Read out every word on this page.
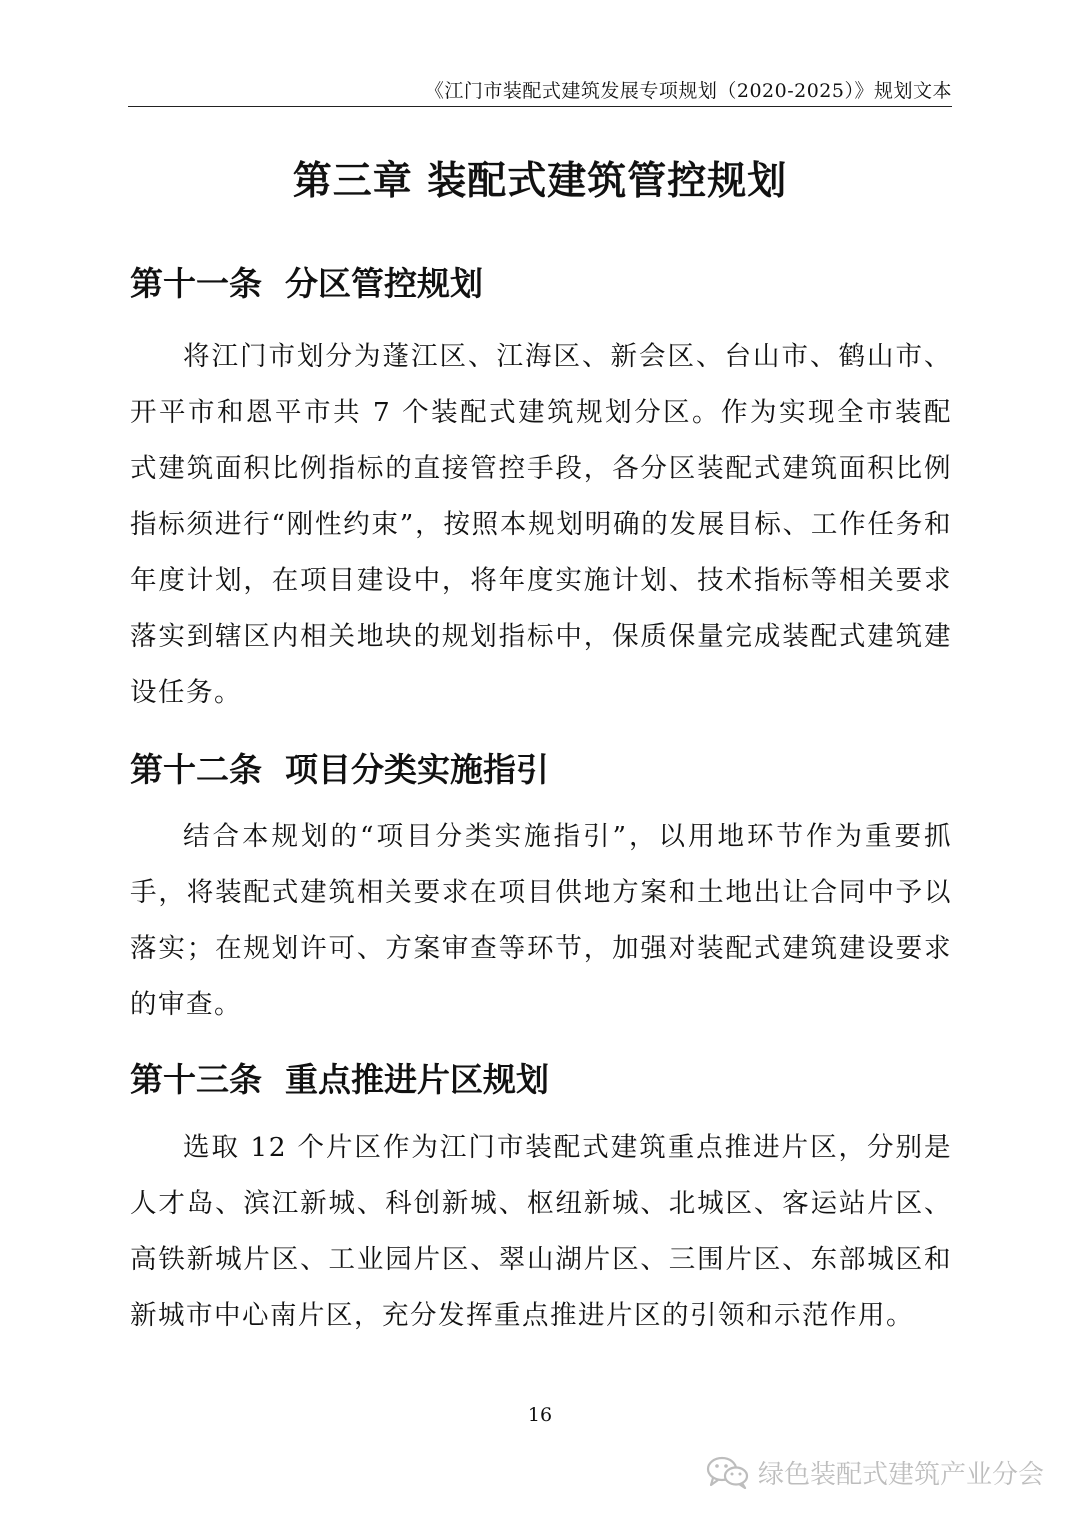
《江门市装配式建筑发展专项规划（2020-2025）》规划文本
第三章 装配式建筑管控规划
第十一条  分区管控规划
将江门市划分为蓬江区、江海区、新会区、台山市、鹤山市、开平市和恩平市共 7 个装配式建筑规划分区。作为实现全市装配式建筑面积比例指标的直接管控手段，各分区装配式建筑面积比例指标须进行“刚性约束”，按照本规划明确的发展目标、工作任务和年度计划，在项目建设中，将年度实施计划、技术指标等相关要求落实到辖区内相关地块的规划指标中，保质保量完成装配式建筑建设任务。
第十二条  项目分类实施指引
结合本规划的“项目分类实施指引”，以用地环节作为重要抓手，将装配式建筑相关要求在项目供地方案和土地出让合同中予以落实；在规划许可、方案审查等环节，加强对装配式建筑建设要求的审查。
第十三条  重点推进片区规划
选取 12 个片区作为江门市装配式建筑重点推进片区，分别是人才岛、滨江新城、科创新城、枢纽新城、北城区、客运站片区、高铁新城片区、工业园片区、翠山湖片区、三围片区、东部城区和新城市中心南片区，充分发挥重点推进片区的引领和示范作用。
16
绿色装配式建筑产业分会
